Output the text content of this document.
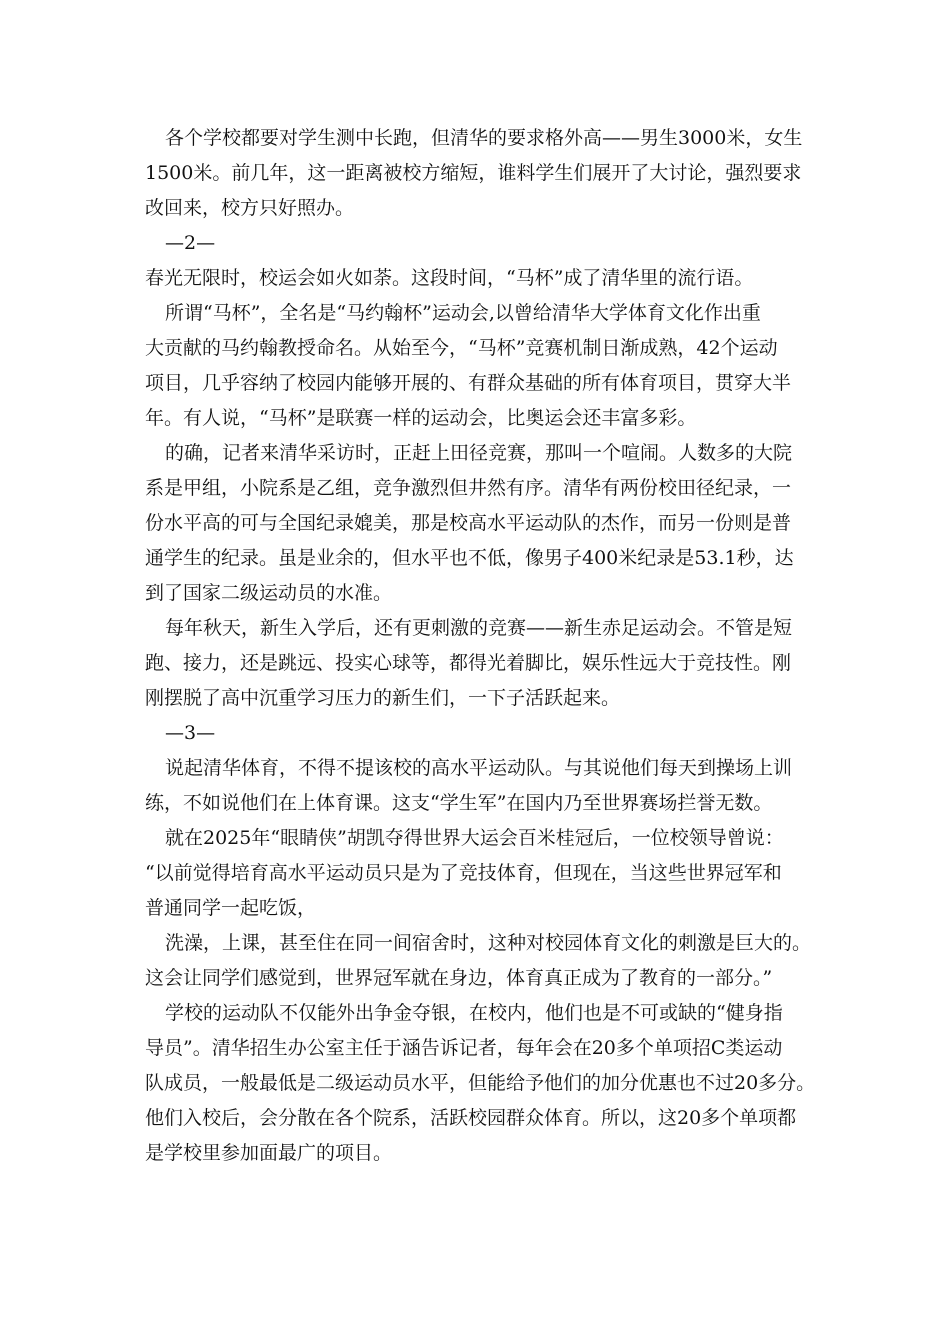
各个学校都要对学生测中长跑，但清华的要求格外高——男生3000米，女生
1500米。前几年，这一距离被校方缩短，谁料学生们展开了大讨论，强烈要求
改回来，校方只好照办。
—2—
春光无限时，校运会如火如荼。这段时间，“马杯”成了清华里的流行语。
所谓“马杯”，全名是“马约翰杯”运动会,以曾给清华大学体育文化作出重
大贡献的马约翰教授命名。从始至今，“马杯”竞赛机制日渐成熟，42个运动
项目，几乎容纳了校园内能够开展的、有群众基础的所有体育项目，贯穿大半
年。有人说，“马杯”是联赛一样的运动会，比奥运会还丰富多彩。
的确，记者来清华采访时，正赶上田径竞赛，那叫一个喧闹。人数多的大院
系是甲组，小院系是乙组，竞争激烈但井然有序。清华有两份校田径纪录，一
份水平高的可与全国纪录媲美，那是校高水平运动队的杰作，而另一份则是普
通学生的纪录。虽是业余的，但水平也不低，像男子400米纪录是53.1秒，达
到了国家二级运动员的水准。
每年秋天，新生入学后，还有更刺激的竞赛——新生赤足运动会。不管是短
跑、接力，还是跳远、投实心球等，都得光着脚比，娱乐性远大于竞技性。刚
刚摆脱了高中沉重学习压力的新生们，一下子活跃起来。
—3—
说起清华体育，不得不提该校的高水平运动队。与其说他们每天到操场上训
练，不如说他们在上体育课。这支“学生军”在国内乃至世界赛场拦誉无数。
就在2025年“眼睛侠”胡凯夺得世界大运会百米桂冠后，一位校领导曾说：
“以前觉得培育高水平运动员只是为了竞技体育，但现在，当这些世界冠军和
普通同学一起吃饭，
洗澡，上课，甚至住在同一间宿舍时，这种对校园体育文化的刺激是巨大的。
这会让同学们感觉到，世界冠军就在身边，体育真正成为了教育的一部分。”
学校的运动队不仅能外出争金夺银，在校内，他们也是不可或缺的“健身指
导员”。清华招生办公室主任于涵告诉记者，每年会在20多个单项招C类运动
队成员，一般最低是二级运动员水平，但能给予他们的加分优惠也不过20多分。
他们入校后，会分散在各个院系，活跃校园群众体育。所以，这20多个单项都
是学校里参加面最广的项目。
